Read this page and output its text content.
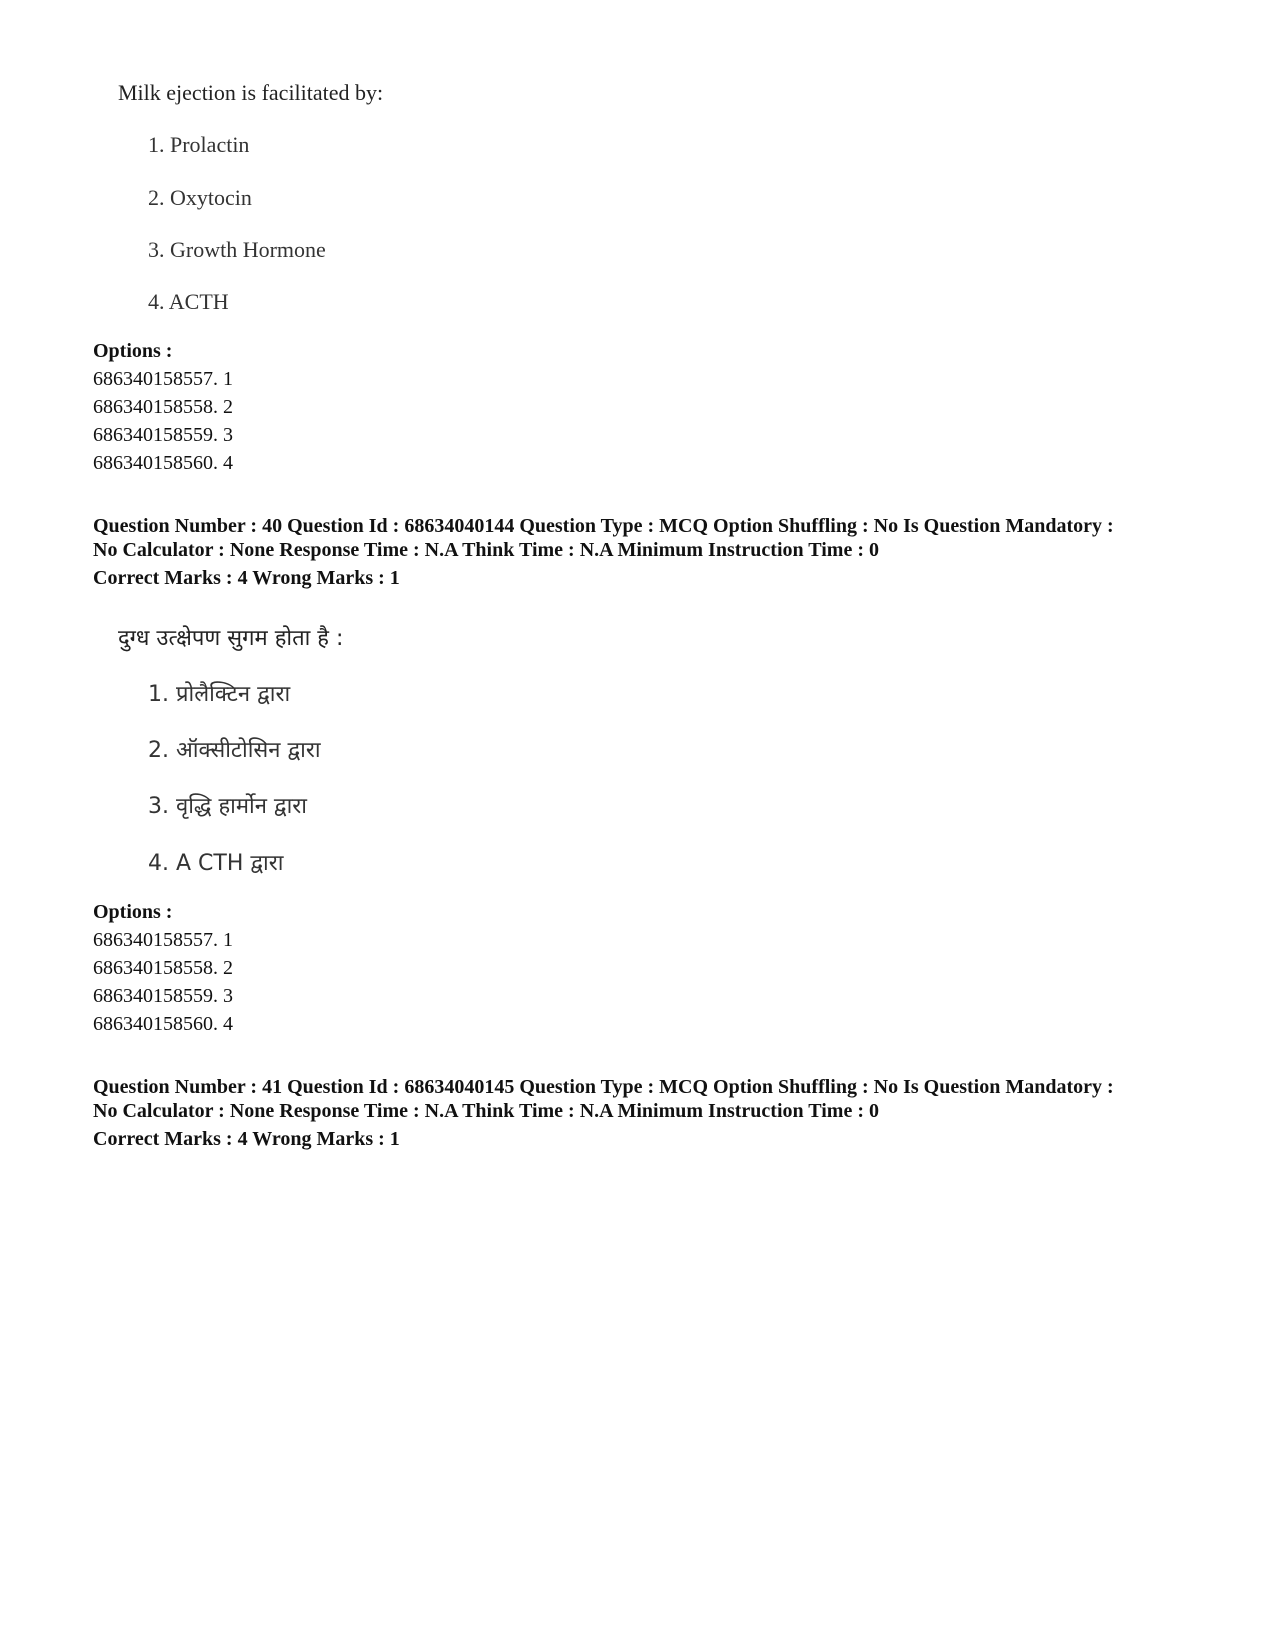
Milk ejection is facilitated by:
1. Prolactin
2. Oxytocin
3. Growth Hormone
4. ACTH
Options :
686340158557. 1
686340158558. 2
686340158559. 3
686340158560. 4
Question Number : 40 Question Id : 68634040144 Question Type : MCQ Option Shuffling : No Is Question Mandatory :
No Calculator : None Response Time : N.A Think Time : N.A Minimum Instruction Time : 0
Correct Marks : 4 Wrong Marks : 1
दुग्ध उत्क्षेपण सुगम होता है :
1. प्रोलैक्टिन द्वारा
2. ऑक्सीटोसिन द्वारा
3. वृद्धि हार्मोन द्वारा
4. A CTH द्वारा
Options :
686340158557. 1
686340158558. 2
686340158559. 3
686340158560. 4
Question Number : 41 Question Id : 68634040145 Question Type : MCQ Option Shuffling : No Is Question Mandatory :
No Calculator : None Response Time : N.A Think Time : N.A Minimum Instruction Time : 0
Correct Marks : 4 Wrong Marks : 1
